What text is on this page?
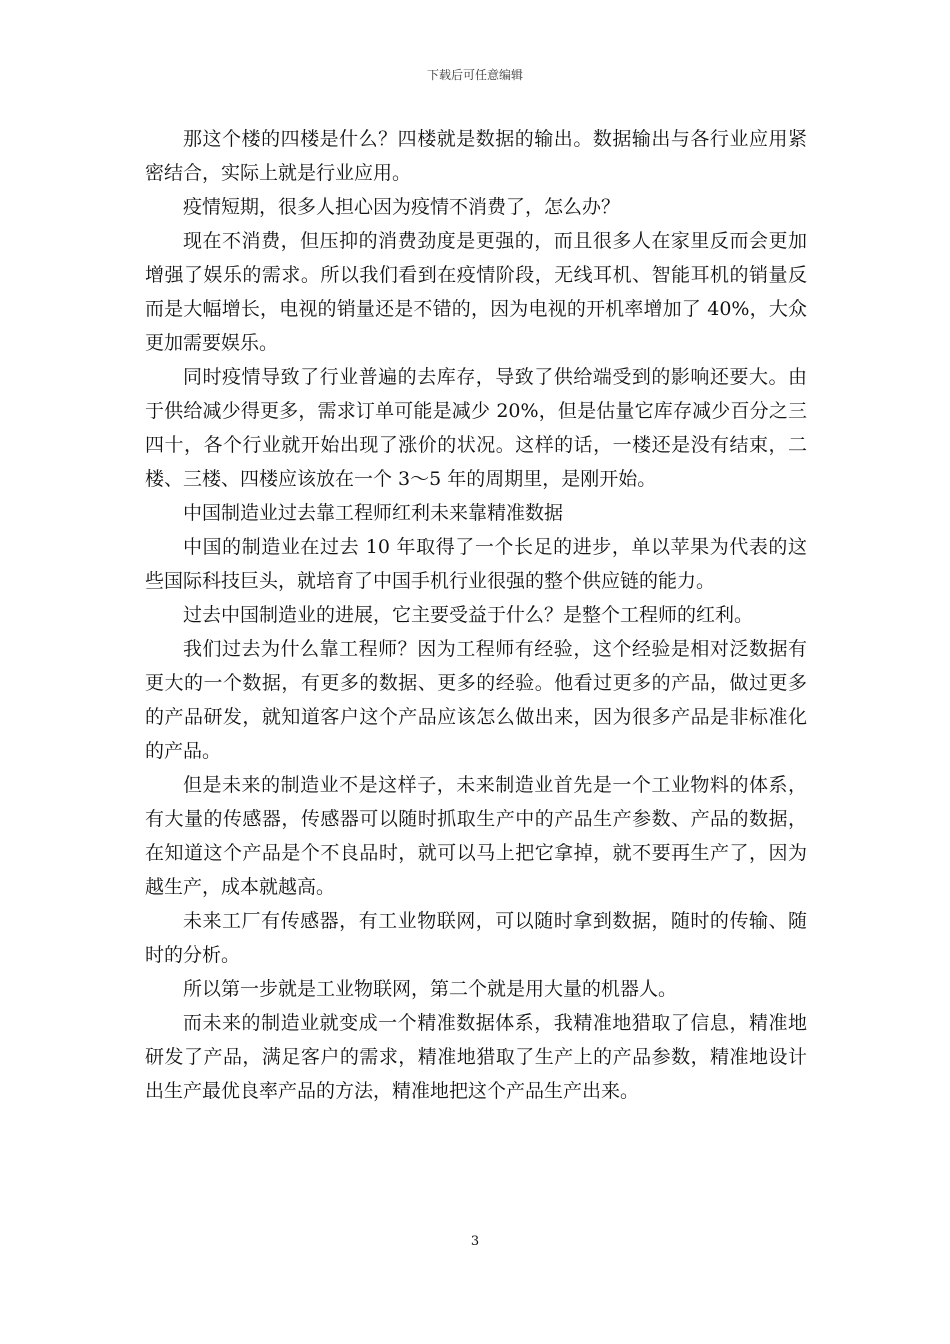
下载后可任意编辑

那这个楼的四楼是什么？四楼就是数据的输出。数据输出与各行业应用紧密结合，实际上就是行业应用。

疫情短期，很多人担心因为疫情不消费了，怎么办？

现在不消费，但压抑的消费劲度是更强的，而且很多人在家里反而会更加增强了娱乐的需求。所以我们看到在疫情阶段，无线耳机、智能耳机的销量反而是大幅增长，电视的销量还是不错的，因为电视的开机率增加了 40%，大众更加需要娱乐。

同时疫情导致了行业普遍的去库存，导致了供给端受到的影响还要大。由于供给减少得更多，需求订单可能是减少 20%，但是估量它库存减少百分之三四十，各个行业就开始出现了涨价的状况。这样的话，一楼还是没有结束，二楼、三楼、四楼应该放在一个 3～5 年的周期里，是刚开始。

中国制造业过去靠工程师红利未来靠精准数据

中国的制造业在过去 10 年取得了一个长足的进步，单以苹果为代表的这些国际科技巨头，就培育了中国手机行业很强的整个供应链的能力。

过去中国制造业的进展，它主要受益于什么？是整个工程师的红利。

我们过去为什么靠工程师？因为工程师有经验，这个经验是相对泛数据有更大的一个数据，有更多的数据、更多的经验。他看过更多的产品，做过更多的产品研发，就知道客户这个产品应该怎么做出来，因为很多产品是非标准化的产品。

但是未来的制造业不是这样子，未来制造业首先是一个工业物料的体系，有大量的传感器，传感器可以随时抓取生产中的产品生产参数、产品的数据，在知道这个产品是个不良品时，就可以马上把它拿掉，就不要再生产了，因为越生产，成本就越高。

未来工厂有传感器，有工业物联网，可以随时拿到数据，随时的传输、随时的分析。

所以第一步就是工业物联网，第二个就是用大量的机器人。

而未来的制造业就变成一个精准数据体系，我精准地猎取了信息，精准地研发了产品，满足客户的需求，精准地猎取了生产上的产品参数，精准地设计出生产最优良率产品的方法，精准地把这个产品生产出来。

3
